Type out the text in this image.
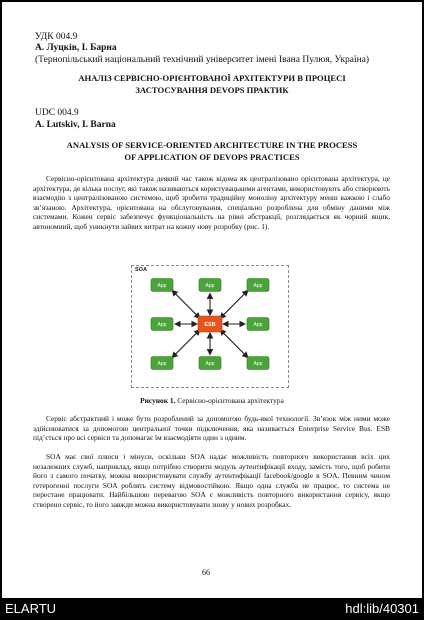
УДК 004.9
А. Луцків, І. Барна
(Тернопільський національний технічний університет імені Івана Пулюя, Україна)
АНАЛІЗ СЕРВІСНО-ОРІЄНТОВАНОЇ АРХІТЕКТУРИ В ПРОЦЕСІ
ЗАСТОСУВАННЯ DEVOPS ПРАКТИК
UDC 004.9
A. Lutskiv, I. Barna
ANALYSIS OF SERVICE-ORIENTED ARCHITECTURE IN THE PROCESS
OF APPLICATION OF DEVOPS PRACTICES
Сервісно-орієнтована архітектура деякий час також відома як централізовано орієнтована архітектура, це архітектура, де кілька послуг, які також називаються користувацькими агентами, використовують або створюють взаємодію з централізованою системою, щоб зробити традиційну моноліну архітектуру менш важкою і слабо зв’язаною. Архітектура, орієнтована на обслуговування, спеціально розроблена для обміну даними між системами. Кожен сервіс забезпечує функціональність на рівні абстракції, розглядається як чорний ящик, автономний, щоб уникнути зайвих витрат на кожну нову розробку (рис. 1).
SOA
App	App	App
App	App
App	App	App
ESB
Рисунок 1. Сервісно-орієнтована архітектура
Сервіс абстрактний і може бути розроблений за допомогою будь-якої технології. Зв’язок між ними може здійснюватися за допомогою центральної точки підключення, яка називається Enterprise Service Bus. ESB під’ється про всі сервіси та допомагає їм взаємодіяти один з одним.
SOA має свої плюси і мінуси, оскільки SOA надає можливість повторного використання всіх цих незалежних служб, наприклад, якщо потрібно створити модуль аутентифікації входу, замість того, щоб робити його з самого початку, можна використовувати службу аутентифікації facebook/google в SOA. Певним чином гетерогенні послуги SOA роблять систему відмовостійкою. Якщо одна служба не працює, то система не перестане працювати. Найбільшою перевагою SOA є можливість повторного використання сервісу, якщо створено сервіс, то його завжди можна використовувати знову у нових розробках.
66
ELARTU	hdl:lib/40301
